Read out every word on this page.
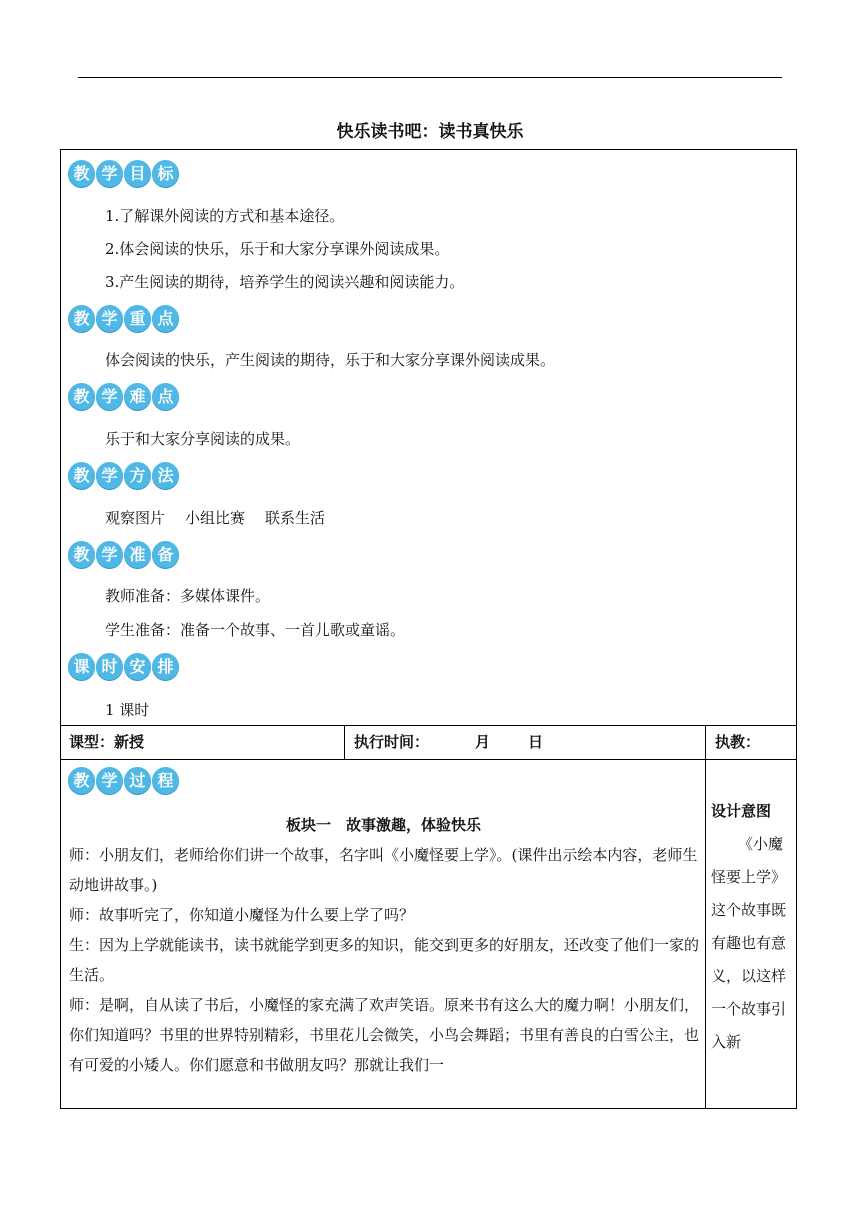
快乐读书吧：读书真快乐
教 学 目 标
1.了解课外阅读的方式和基本途径。
2.体会阅读的快乐，乐于和大家分享课外阅读成果。
3.产生阅读的期待，培养学生的阅读兴趣和阅读能力。
教 学 重 点
体会阅读的快乐，产生阅读的期待，乐于和大家分享课外阅读成果。
教 学 难 点
乐于和大家分享阅读的成果。
教 学 方 法
观察图片 小组比赛 联系生活
教 学 准 备
教师准备：多媒体课件。
学生准备：准备一个故事、一首儿歌或童谣。
课 时 安 排
1 课时
课型：新授	执行时间：	月	日	执教：
教 学 过 程
板块一　故事激趣，体验快乐
师：小朋友们，老师给你们讲一个故事，名字叫《小魔怪要上学》。(课件出示绘本内容，老师生动地讲故事。)
师：故事听完了，你知道小魔怪为什么要上学了吗？
生：因为上学就能读书，读书就能学到更多的知识，能交到更多的好朋友，还改变了他们一家的生活。
师：是啊，自从读了书后，小魔怪的家充满了欢声笑语。原来书有这么大的魔力啊！小朋友们，你们知道吗？书里的世界特别精彩，书里花儿会微笑，小鸟会舞蹈；书里有善良的白雪公主，也有可爱的小矮人。你们愿意和书做朋友吗？那就让我们一
设计意图
《小魔怪要上学》这个故事既有趣也有意义，以这样一个故事引入新
